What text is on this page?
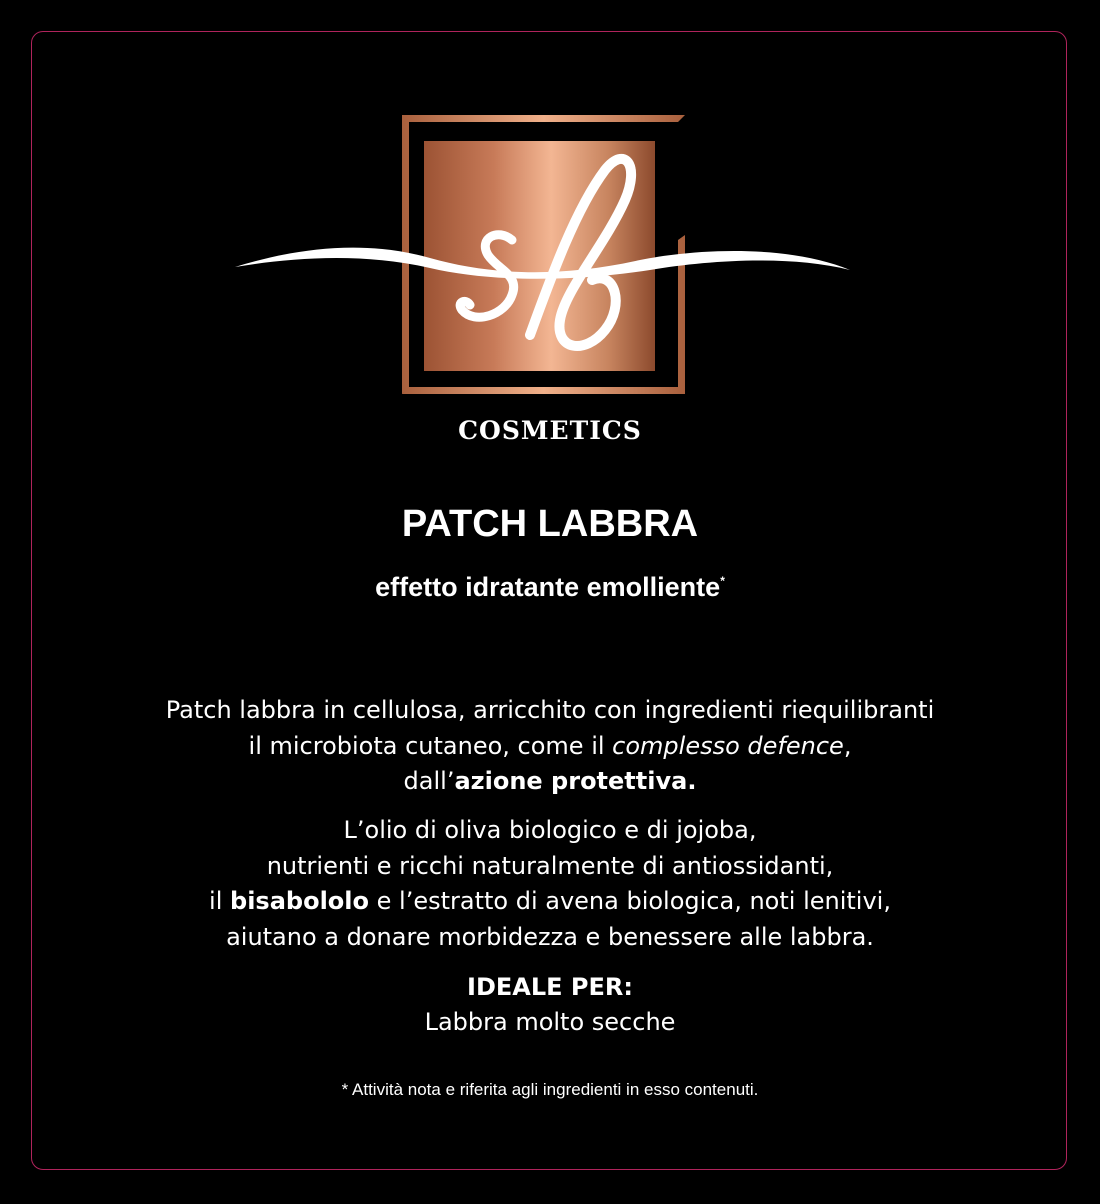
COSMETICS
PATCH LABBRA
effetto idratante emolliente*
Patch labbra in cellulosa, arricchito con ingredienti riequilibranti
il microbiota cutaneo, come il complesso defence,
dall’azione protettiva.
L’olio di oliva biologico e di jojoba,
nutrienti e ricchi naturalmente di antiossidanti,
il bisabololo e l’estratto di avena biologica, noti lenitivi,
aiutano a donare morbidezza e benessere alle labbra.
IDEALE PER:
Labbra molto secche
* Attività nota e riferita agli ingredienti in esso contenuti.
